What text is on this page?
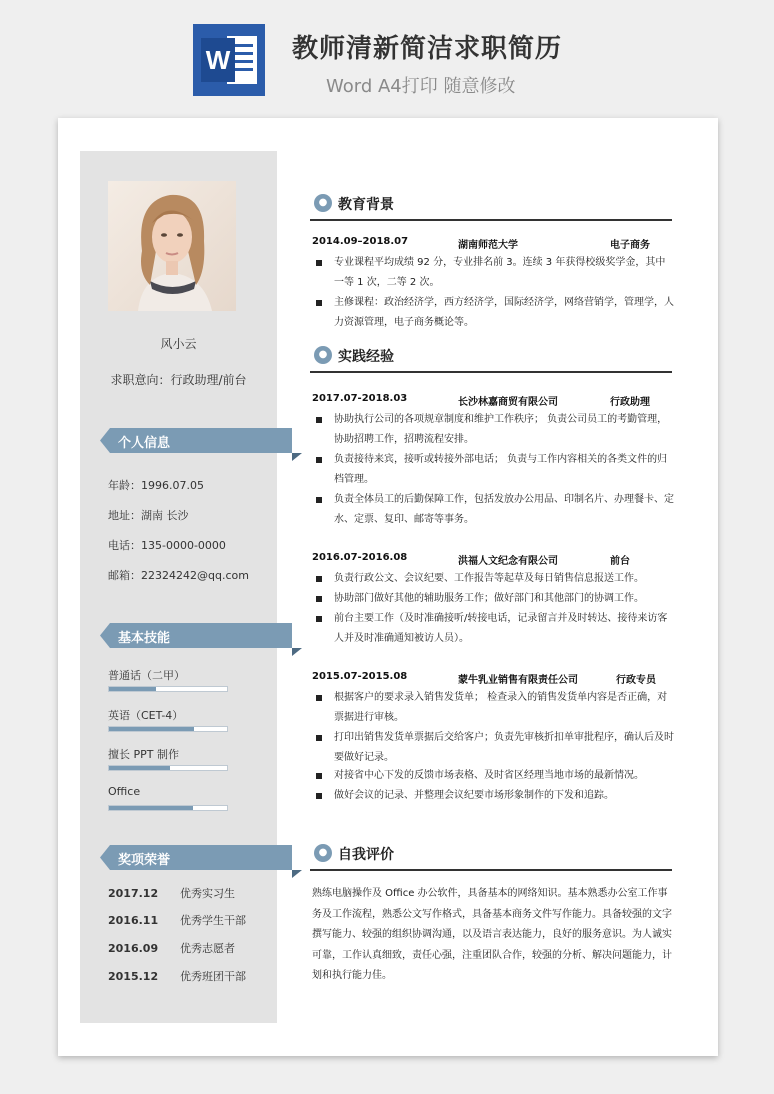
W 教师清新简洁求职简历
Word A4打印 随意修改
风小云
求职意向：行政助理/前台
个人信息
年龄：1996.07.05
地址：湖南 长沙
电话：135-0000-0000
邮箱：22324242@qq.com
基本技能
普通话（二甲）
英语（CET-4）
擅长 PPT 制作
Office
奖项荣誉
2017.12 优秀实习生
2016.11 优秀学生干部
2016.09 优秀志愿者
2015.12 优秀班团干部
● 教育背景
2014.09–2018.07	湖南师范大学	电子商务
专业课程平均成绩 92 分，专业排名前 3。连续 3 年获得校级奖学金，其中一等 1 次，二等 2 次。
主修课程：政治经济学，西方经济学，国际经济学，网络营销学，管理学，人力资源管理，电子商务概论等。
● 实践经验
2017.07-2018.03	长沙林嘉商贸有限公司	行政助理
协助执行公司的各项规章制度和维护工作秩序； 负责公司员工的考勤管理，协助招聘工作，招聘流程安排。
负责接待来宾，接听或转接外部电话； 负责与工作内容相关的各类文件的归档管理。
负责全体员工的后勤保障工作，包括发放办公用品、印制名片、办理餐卡、定水、定票、复印、邮寄等事务。
2016.07-2016.08	洪福人文纪念有限公司	前台
负责行政公文、会议纪要、工作报告等起草及每日销售信息报送工作。
协助部门做好其他的辅助服务工作；做好部门和其他部门的协调工作。
前台主要工作（及时准确接听/转接电话，记录留言并及时转达、接待来访客人并及时准确通知被访人员）。
2015.07-2015.08	蒙牛乳业销售有限责任公司	行政专员
根据客户的要求录入销售发货单； 检查录入的销售发货单内容是否正确，对票据进行审核。
打印出销售发货单票据后交给客户；负责先审核折扣单审批程序，确认后及时要做好记录。
对接省中心下发的反馈市场表格、及时省区经理当地市场的最新情况。
做好会议的记录、并整理会议纪要市场形象制作的下发和追踪。
● 自我评价
熟练电脑操作及 Office 办公软件，具备基本的网络知识。基本熟悉办公室工作事务及工作流程，熟悉公文写作格式，具备基本商务文件写作能力。具备较强的文字撰写能力、较强的组织协调沟通，以及语言表达能力，良好的服务意识。为人诚实可靠，工作认真细致，责任心强，注重团队合作，较强的分析、解决问题能力，计划和执行能力佳。
